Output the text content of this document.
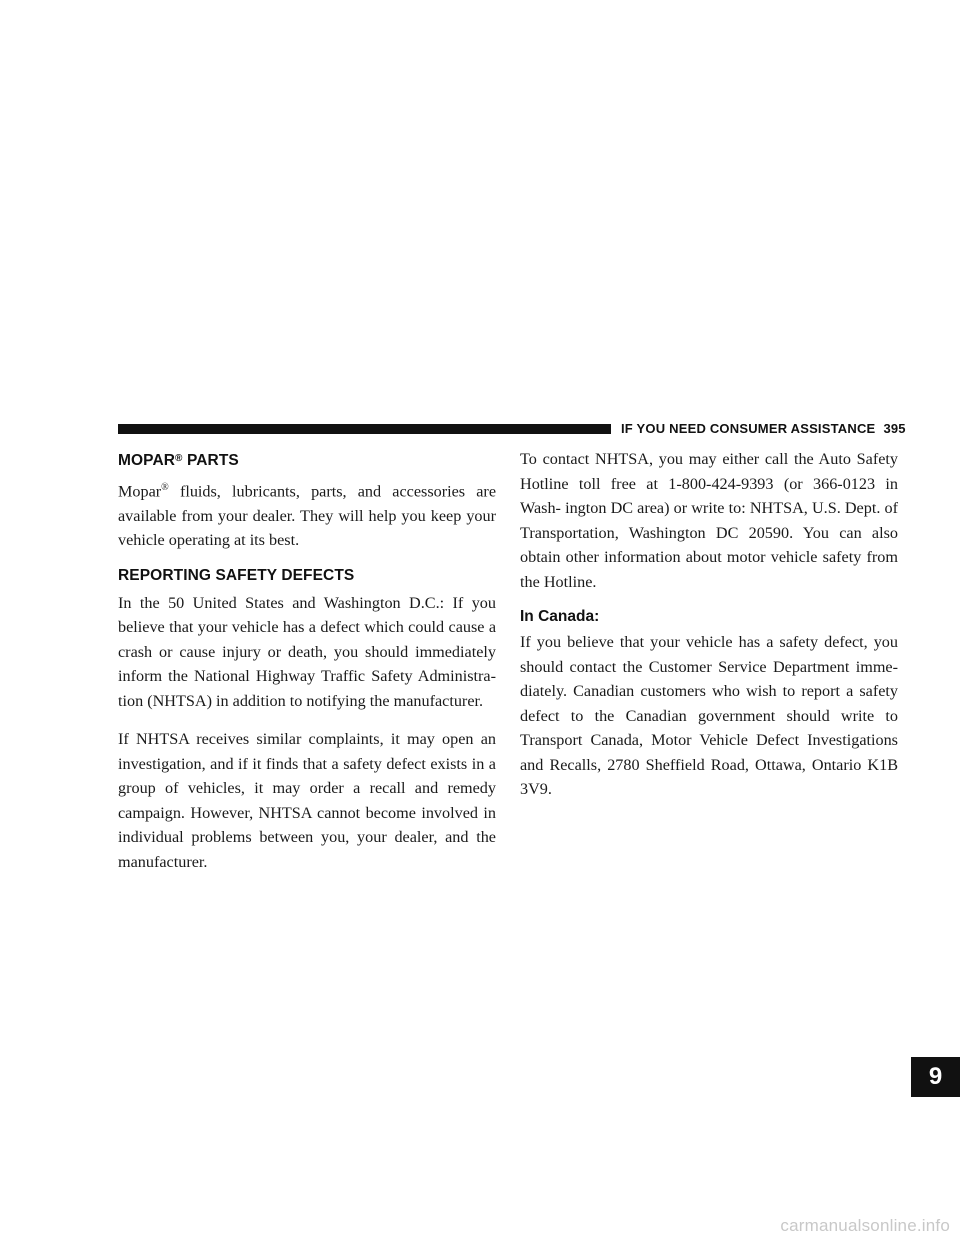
IF YOU NEED CONSUMER ASSISTANCE 395
MOPAR® PARTS

Mopar® fluids, lubricants, parts, and accessories are available from your dealer. They will help you keep your vehicle operating at its best.

REPORTING SAFETY DEFECTS

In the 50 United States and Washington D.C.: If you believe that your vehicle has a defect which could cause a crash or cause injury or death, you should immediately inform the National Highway Traffic Safety Administra- tion (NHTSA) in addition to notifying the manufacturer.

If NHTSA receives similar complaints, it may open an investigation, and if it finds that a safety defect exists in a group of vehicles, it may order a recall and remedy campaign. However, NHTSA cannot become involved in individual problems between you, your dealer, and the manufacturer.

To contact NHTSA, you may either call the Auto Safety Hotline toll free at 1-800-424-9393 (or 366-0123 in Wash- ington DC area) or write to: NHTSA, U.S. Dept. of Transportation, Washington DC 20590. You can also obtain other information about motor vehicle safety from the Hotline.

In Canada:

If you believe that your vehicle has a safety defect, you should contact the Customer Service Department imme- diately. Canadian customers who wish to report a safety defect to the Canadian government should write to Transport Canada, Motor Vehicle Defect Investigations and Recalls, 2780 Sheffield Road, Ottawa, Ontario K1B 3V9.

9
carmanualsonline.info
